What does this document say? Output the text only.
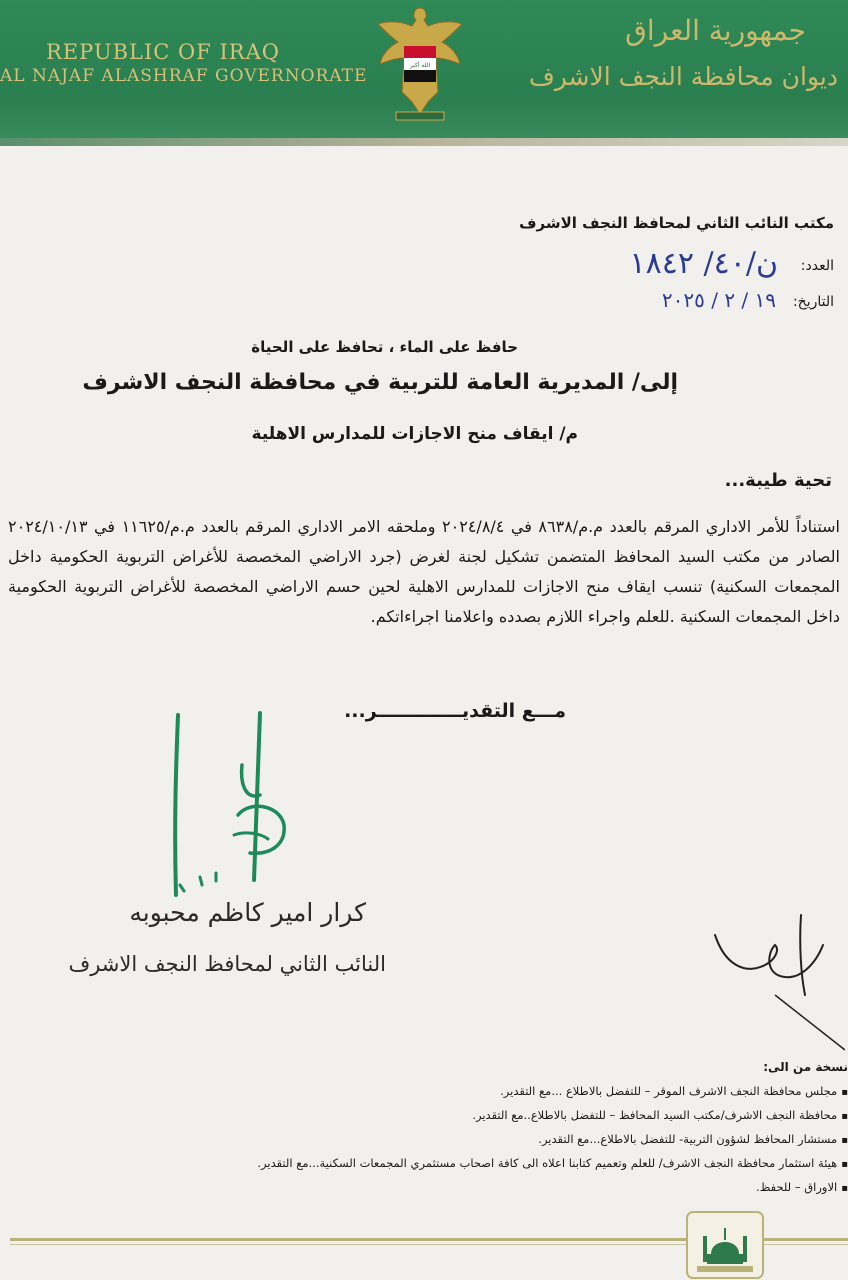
REPUBLIC OF IRAQ
AL NAJAF ALASHRAF GOVERNORATE
جمهورية العراق
ديوان محافظة النجف الاشرف
الله أكبر
مكتب النائب الثاني لمحافظ النجف الاشرف
العدد:
ن/٤٠/ ١٨٤٢
التاريخ:
١٩ / ٢ / ٢٠٢٥
حافظ على الماء ، تحافظ على الحياة
إلى/ المديرية العامة للتربية في محافظة النجف الاشرف
م/ ايقاف منح الاجازات للمدارس الاهلية
تحية طيبة...
استناداً للأمر الاداري المرقم بالعدد م.م/٨٦٣٨ في ٢٠٢٤/٨/٤ وملحقه الامر الاداري المرقم بالعدد م.م/١١٦٢٥ في ٢٠٢٤/١٠/١٣ الصادر من مكتب السيد المحافظ المتضمن تشكيل لجنة لغرض (جرد الاراضي المخصصة للأغراض التربوية الحكومية داخل المجمعات السكنية) تنسب ايقاف منح الاجازات للمدارس الاهلية لحين حسم الاراضي المخصصة للأغراض التربوية الحكومية داخل المجمعات السكنية .للعلم واجراء اللازم بصدده واعلامنا اجراءاتكم.
مـــع التقديـــــــــــــر...
كرار امير كاظم محبوبه
النائب الثاني لمحافظ النجف الاشرف
نسخة من الى:
▪ مجلس محافظة النجف الاشرف الموقر – للتفضل بالاطلاع ...مع التقدير.
▪ محافظة النجف الاشرف/مكتب السيد المحافظ – للتفضل بالاطلاع..مع التقدير.
▪ مستشار المحافظ لشؤون التربية- للتفضل بالاطلاع...مع التقدير.
▪ هيئة استثمار محافظة النجف الاشرف/ للعلم وتعميم كتابنا اعلاه الى كافة اصحاب مستثمري المجمعات السكنية...مع التقدير.
▪ الاوراق – للحفظ.
